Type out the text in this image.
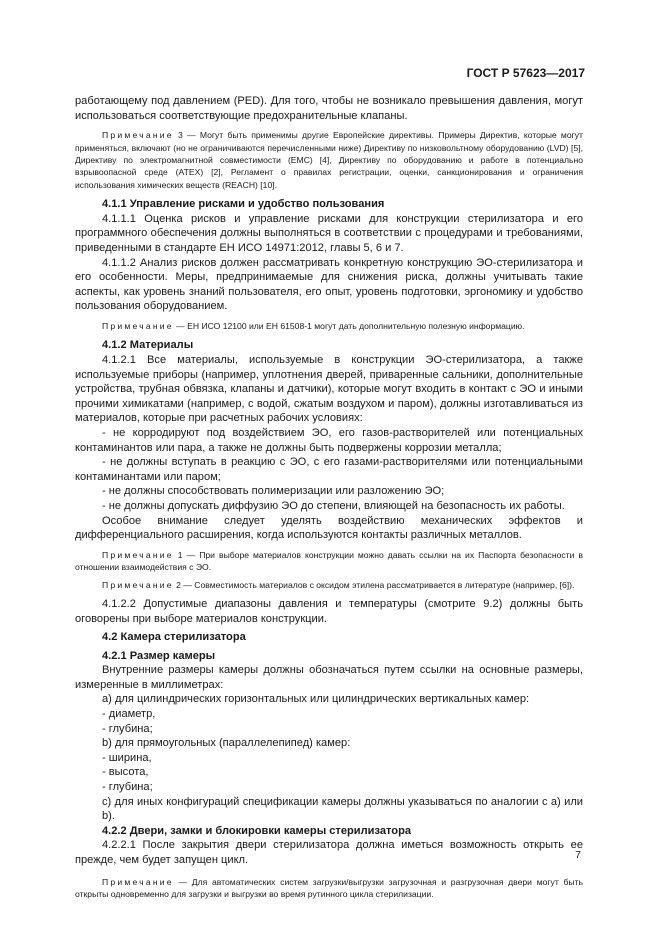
ГОСТ Р 57623—2017

работающему под давлением (PED). Для того, чтобы не возникало превышения давления, могут использоваться соответствующие предохранительные клапаны.

Примечание 3 — Могут быть применимы другие Европейские директивы. Примеры Директив, которые могут применяться, включают (но не ограничиваются перечисленными ниже) Директиву по низковольтному оборудованию (LVD) [5], Директиву по электромагнитной совместимости (ЕМС) [4], Директиву по оборудованию и работе в потенциально взрывоопасной среде (ATEX) [2], Регламент о правилах регистрации, оценки, санкционирования и ограничения использования химических веществ (REACH) [10].

4.1.1 Управление рисками и удобство пользования

4.1.1.1 Оценка рисков и управление рисками для конструкции стерилизатора и его программного обеспечения должны выполняться в соответствии с процедурами и требованиями, приведенными в стандарте ЕН ИСО 14971:2012, главы 5, 6 и 7.

4.1.1.2 Анализ рисков должен рассматривать конкретную конструкцию ЭО-стерилизатора и его особенности. Меры, предпринимаемые для снижения риска, должны учитывать такие аспекты, как уровень знаний пользователя, его опыт, уровень подготовки, эргономику и удобство пользования оборудованием.

Примечание — ЕН ИСО 12100 или ЕН 61508-1 могут дать дополнительную полезную информацию.

4.1.2 Материалы

4.1.2.1 Все материалы, используемые в конструкции ЭО-стерилизатора, а также используемые приборы (например, уплотнения дверей, приваренные сальники, дополнительные устройства, трубная обвязка, клапаны и датчики), которые могут входить в контакт с ЭО и иными прочими химикатами (например, с водой, сжатым воздухом и паром), должны изготавливаться из материалов, которые при расчетных рабочих условиях:

- не корродируют под воздействием ЭО, его газов-растворителей или потенциальных контаминантов или пара, а также не должны быть подвержены коррозии металла;

- не должны вступать в реакцию с ЭО, с его газами-растворителями или потенциальными контаминантами или паром;

- не должны способствовать полимеризации или разложению ЭО;

- не должны допускать диффузию ЭО до степени, влияющей на безопасность их работы.

Особое внимание следует уделять воздействию механических эффектов и дифференциального расширения, когда используются контакты различных металлов.

Примечание 1 — При выборе материалов конструкции можно давать ссылки на их Паспорта безопасности в отношении взаимодействия с ЭО.

Примечание 2 — Совместимость материалов с оксидом этилена рассматривается в литературе (например, [6]).

4.1.2.2 Допустимые диапазоны давления и температуры (смотрите 9.2) должны быть оговорены при выборе материалов конструкции.

4.2 Камера стерилизатора

4.2.1 Размер камеры

Внутренние размеры камеры должны обозначаться путем ссылки на основные размеры, измеренные в миллиметрах:

а) для цилиндрических горизонтальных или цилиндрических вертикальных камер:

- диаметр,

- глубина;

b) для прямоугольных (параллелепипед) камер:

- ширина,

- высота,

- глубина;

c) для иных конфигураций спецификации камеры должны указываться по аналогии с а) или b).

4.2.2 Двери, замки и блокировки камеры стерилизатора

4.2.2.1 После закрытия двери стерилизатора должна иметься возможность открыть ее прежде, чем будет запущен цикл.

Примечание — Для автоматических систем загрузки/выгрузки загрузочная и разгрузочная двери могут быть открыты одновременно для загрузки и выгрузки во время рутинного цикла стерилизации.

7
